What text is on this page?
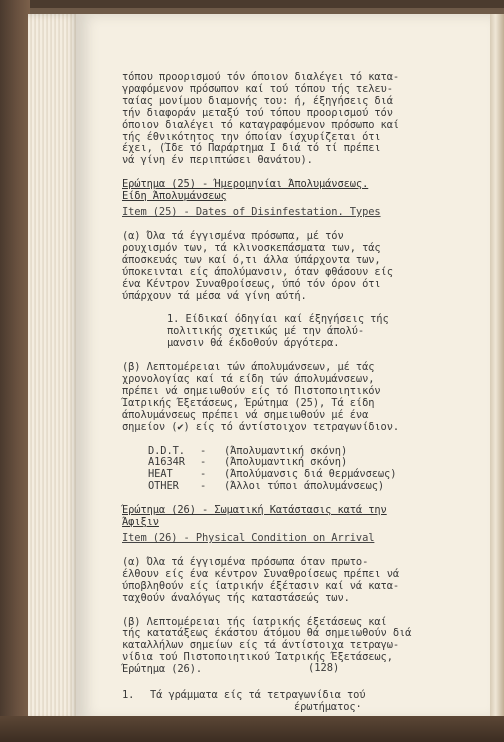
τόπου προορισμού τόν όποιον διαλέγει τό κατα-
γραφόμενον πρόσωπον καί τού τόπου τής τελευ-
ταίας μονίμου διαμονής του: ή, έξηγήσεις διά
τήν διαφοράν μεταξύ τού τόπου προορισμού τόν
όποιον διαλέγει τό καταγραφόμενον πρόσωπο καί
τής έθνικότητος την όποίαν ίσχυρίζεται ότι
έχει, (Ίδε τό Παράρτημα Ι διά τό τί πρέπει
νά γίνη έν περιπτώσει θανάτου).

Ερώτημα (25) - Ήμερομηνίαι Άπολυμάνσεως.
Είδη Άπολυμάνσεως

Item (25) - Dates of Disinfestation. Types

(α) Όλα τά έγγισμένα πρόσωπα, μέ τόν
ρουχισμόν των, τά κλινοσκεπάσματα των, τάς
άποσκευάς των καί ό,τι άλλα ύπάρχοντα των,
ύποκεινται είς άπολύμανσιν, όταν φθάσουν είς
ένα Κέντρον Συναθροίσεως, ύπό τόν όρον ότι
ύπάρχουν τά μέσα νά γίνη αύτή.

1. Είδικαί όδηγίαι καί έξηγήσεις τής
πολιτικής σχετικώς μέ την άπολύ-
μανσιν θά έκδοθούν άργότερα.

(β) Λεπτομέρειαι τών άπολυμάνσεων, μέ τάς
χρονολογίας καί τά είδη τών άπολυμάνσεων,
πρέπει νά σημειωθούν είς τό Πιστοποιητικόν
Ίατρικής Έξετάσεως, Έρώτημα (25), Τά είδη
άπολυμάνσεως πρέπει νά σημειωθούν μέ ένα
σημείον (✔) είς τό άντίστοιχον τετραγωνίδιον.

D.D.T.	-	(Άπολυμαντική σκόνη)
A1634R	-	(Άπολυμαντική σκόνη)
HEAT	-	(Άπολύμανσις διά θερμάνσεως)
OTHER	-	(Άλλοι τύποι άπολυμάνσεως)

Έρώτημα (26) - Σωματική Κατάστασις κατά την
Άφιξιν

Item (26) - Physical Condition on Arrival

(α) Όλα τά έγγισμένα πρόσωπα όταν πρωτο-
έλθουν είς ένα κέντρον Συναθροίσεως πρέπει νά
ύποβληθούν είς ίατρικήν έξέτασιν καί νά κατα-
ταχθούν άναλόγως τής καταστάσεώς των.

(β) Λεπτομέρειαι τής ίατρικής έξετάσεως καί
τής κατατάξεως έκάστου άτόμου θά σημειωθούν διά
καταλλήλων σημείων είς τά άντίστοιχα τετραγω-
νίδια τού Πιστοποιητικού Ίατρικής Έξετάσεως,
Έρώτημα (26).

1. Τά γράμματα είς τά τετραγωνίδια τού
έρωτήματος·
(128)
